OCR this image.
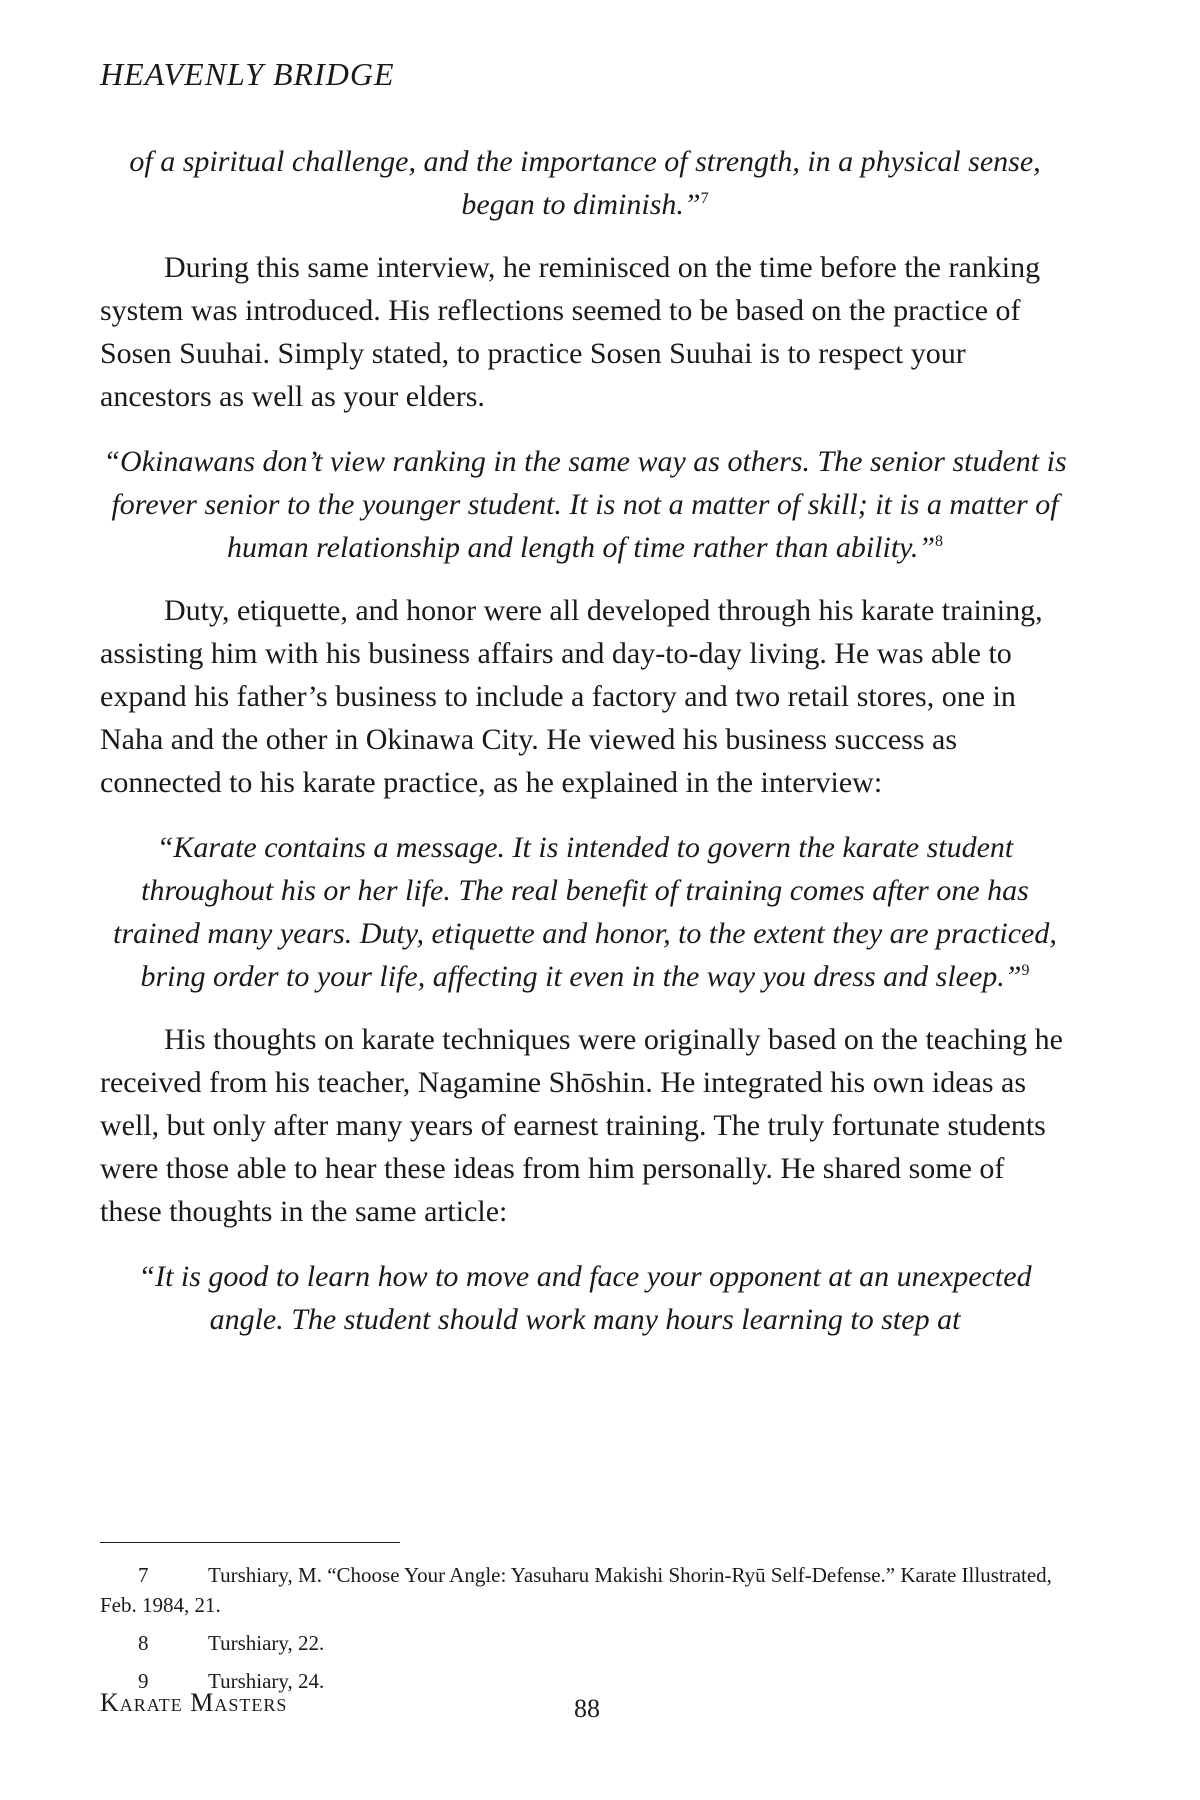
HEAVENLY BRIDGE

of a spiritual challenge, and the importance of strength, in a physical sense, began to diminish.”$^7$

During this same interview, he reminisced on the time before the ranking system was introduced. His reflections seemed to be based on the practice of Sosen Suuhai. Simply stated, to practice Sosen Suuhai is to respect your ancestors as well as your elders.

“Okinawans don’t view ranking in the same way as others. The senior student is forever senior to the younger student. It is not a matter of skill; it is a matter of human relationship and length of time rather than ability.”$^8$

Duty, etiquette, and honor were all developed through his karate training, assisting him with his business affairs and day-to-day living. He was able to expand his father’s business to include a factory and two retail stores, one in Naha and the other in Okinawa City. He viewed his business success as connected to his karate practice, as he explained in the interview:

“Karate contains a message. It is intended to govern the karate student throughout his or her life. The real benefit of training comes after one has trained many years. Duty, etiquette and honor, to the extent they are practiced, bring order to your life, affecting it even in the way you dress and sleep.”$^9$

His thoughts on karate techniques were originally based on the teaching he received from his teacher, Nagamine Shōshin. He integrated his own ideas as well, but only after many years of earnest training. The truly fortunate students were those able to hear these ideas from him personally. He shared some of these thoughts in the same article:

“It is good to learn how to move and face your opponent at an unexpected angle. The student should work many hours learning to step at

7	Turshiary, M. “Choose Your Angle: Yasuharu Makishi Shorin-Ryū Self-Defense.” Karate Illustrated, Feb. 1984, 21.

8	Turshiary, 22.

9	Turshiary, 24.

Karate Masters	88
